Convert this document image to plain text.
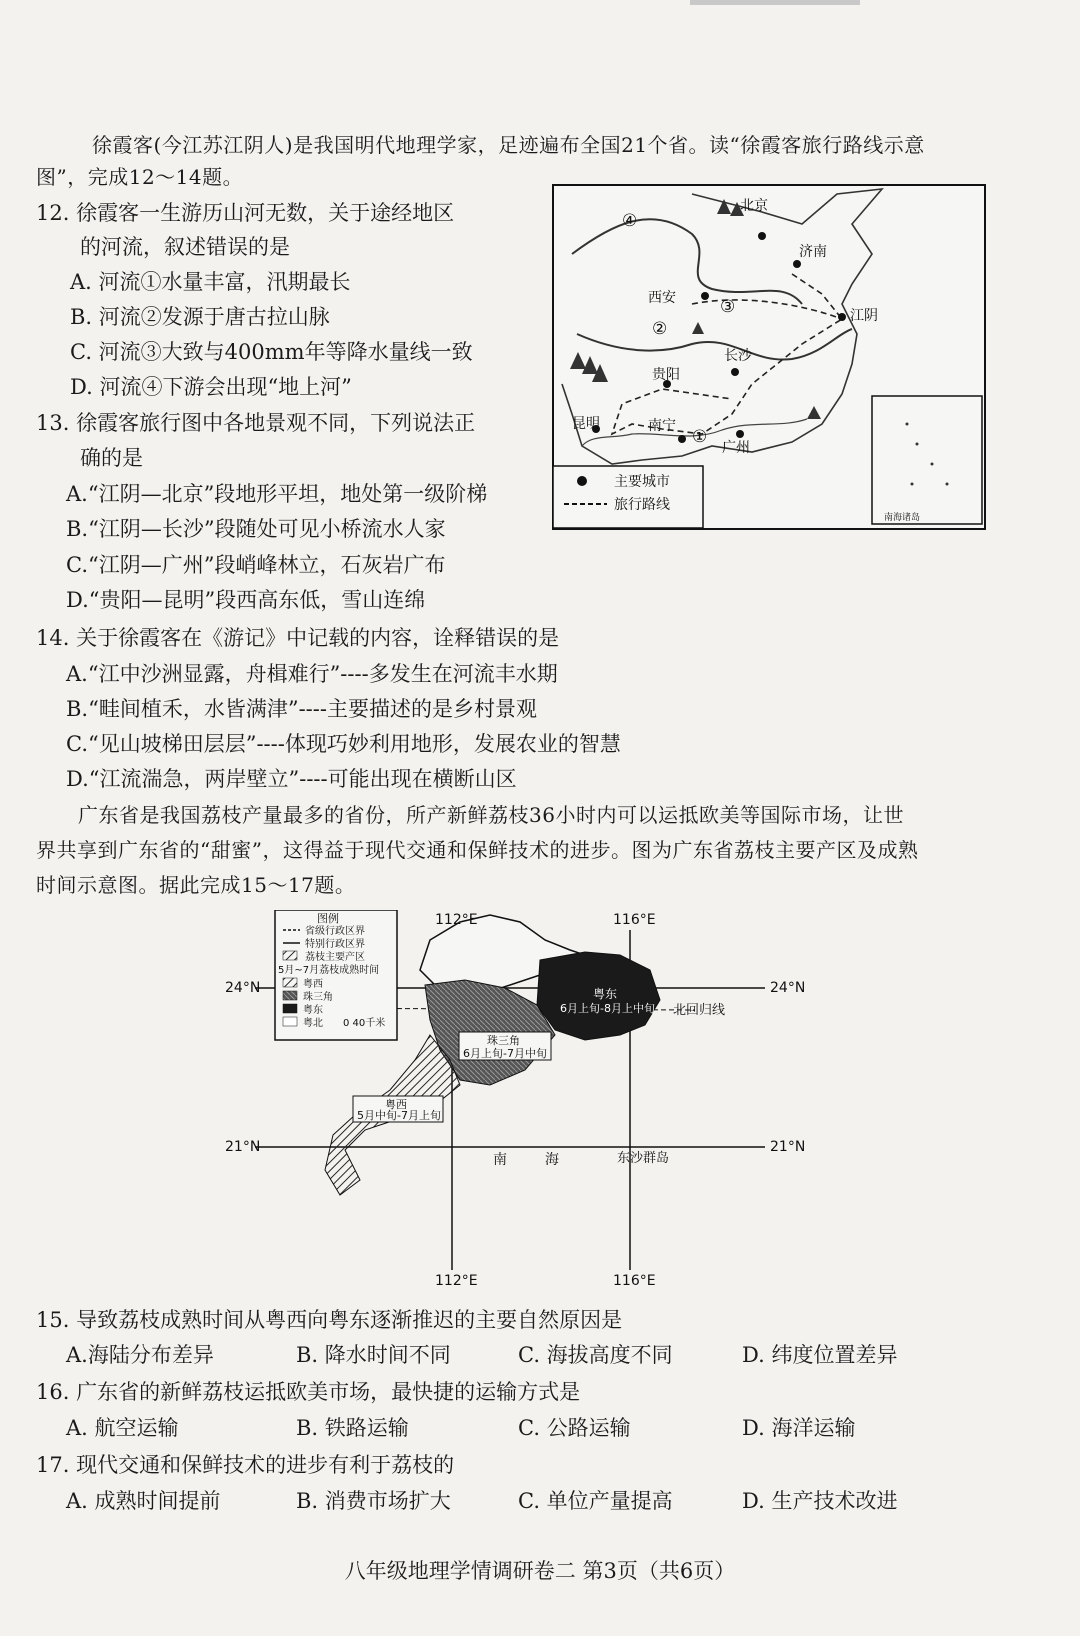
徐霞客(今江苏江阴人)是我国明代地理学家，足迹遍布全国21个省。读“徐霞客旅行路线示意
图”，完成12～14题。
12. 徐霞客一生游历山河无数，关于途经地区
的河流，叙述错误的是
A. 河流①水量丰富，汛期最长
B. 河流②发源于唐古拉山脉
C. 河流③大致与400mm年等降水量线一致
D. 河流④下游会出现“地上河”
13. 徐霞客旅行图中各地景观不同，下列说法正
确的是
A.“江阴—北京”段地形平坦，地处第一级阶梯
B.“江阴—长沙”段随处可见小桥流水人家
C.“江阴—广州”段峭峰林立，石灰岩广布
D.“贵阳—昆明”段西高东低，雪山连绵
南海诸岛
北京
济南
西安
江阴
贵阳
长沙
昆明	南宁
广州
①
②
③
④
主要城市
旅行路线
14. 关于徐霞客在《游记》中记载的内容，诠释错误的是
A.“江中沙洲显露，舟楫难行”----多发生在河流丰水期
B.“畦间植禾，水皆满津”----主要描述的是乡村景观
C.“见山坡梯田层层”----体现巧妙利用地形，发展农业的智慧
D.“江流湍急，两岸壁立”----可能出现在横断山区
广东省是我国荔枝产量最多的省份，所产新鲜荔枝36小时内可以运抵欧美等国际市场，让世
界共享到广东省的“甜蜜”，这得益于现代交通和保鲜技术的进步。图为广东省荔枝主要产区及成熟
时间示意图。据此完成15～17题。
粤东
6月上旬-8月上中旬
珠三角
6月上旬-7月中旬
粤西
5月中旬-7月上旬
112°E	116°E
112°E	116°E
24°N	24°N
21°N	21°N
北回归线
南	海	东沙群岛
图例
省级行政区界
特别行政区界
荔枝主要产区
5月~7月荔枝成熟时间
粤西
珠三角
粤东
粤北 0 40千米
15. 导致荔枝成熟时间从粤西向粤东逐渐推迟的主要自然原因是
A.海陆分布差异	B. 降水时间不同	C. 海拔高度不同	D. 纬度位置差异
16. 广东省的新鲜荔枝运抵欧美市场，最快捷的运输方式是
A. 航空运输	B. 铁路运输	C. 公路运输	D. 海洋运输
17. 现代交通和保鲜技术的进步有利于荔枝的
A. 成熟时间提前	B. 消费市场扩大	C. 单位产量提高	D. 生产技术改进
八年级地理学情调研卷二 第3页（共6页）
